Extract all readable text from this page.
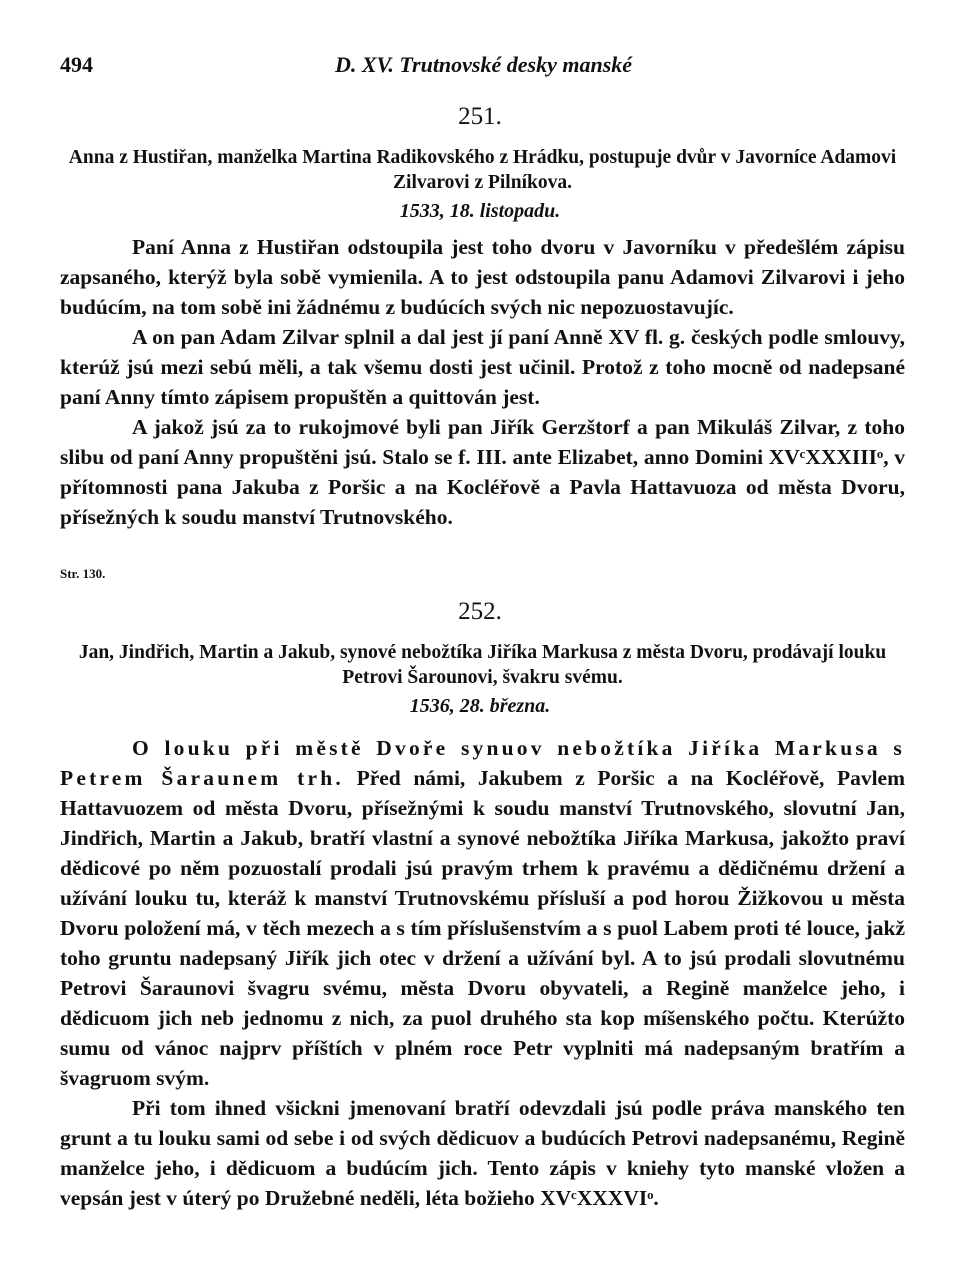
494	D. XV. Trutnovské desky manské
251.
Anna z Hustiřan, manželka Martina Radikovského z Hrádku, postupuje dvůr v Javorníce Adamovi Zilvarovi z Pilníkova.
1533, 18. listopadu.

Paní Anna z Hustiřan odstoupila jest toho dvoru v Javorníku v předešlém zápisu zapsaného, kterýž byla sobě vymienila. A to jest odstoupila panu Adamovi Zilvarovi i jeho budúcím, na tom sobě ini žádnému z budúcích svých nic nepozuostavujíc.

A on pan Adam Zilvar splnil a dal jest jí paní Anně XV fl. g. českých podle smlouvy, kterúž jsú mezi sebú měli, a tak všemu dosti jest učinil. Protož z toho mocně od nadepsané paní Anny tímto zápisem propuštěn a quittován jest.

A jakož jsú za to rukojmové byli pan Jiřík Gerzštorf a pan Mikuláš Zilvar, z toho slibu od paní Anny propuštěni jsú. Stalo se f. III. ante Elizabet, anno Domini XVᶜXXXIIIᵒ, v přítomnosti pana Jakuba z Poršic a na Kocléřově a Pavla Hattavuoza od města Dvoru, přísežných k soudu manství Trutnovského.

Str. 130.
252.
Jan, Jindřich, Martin a Jakub, synové nebožtíka Jiříka Markusa z města Dvoru, prodávají louku Petrovi Šarounovi, švakru svému.
1536, 28. března.

O louku při městě Dvoře synuov nebožtíka Jiříka Markusa s Petrem Šaraunem trh. Před námi, Jakubem z Poršic a na Kocléřově, Pavlem Hattavuozem od města Dvoru, přísežnými k soudu manství Trutnovského, slovutní Jan, Jindřich, Martin a Jakub, bratří vlastní a synové nebožtíka Jiříka Markusa, jakožto praví dědicové po něm pozuostalí prodali jsú pravým trhem k pravému a dědičnému držení a užívání louku tu, kteráž k manství Trutnovskému přísluší a pod horou Žižkovou u města Dvoru položení má, v těch mezech a s tím příslušenstvím a s puol Labem proti té louce, jakž toho gruntu nadepsaný Jiřík jich otec v držení a užívání byl. A to jsú prodali slovutnému Petrovi Šaraunovi švagru svému, města Dvoru obyvateli, a Regině manželce jeho, i dědicuom jich neb jednomu z nich, za puol druhého sta kop míšenského počtu. Kterúžto sumu od vánoc najprv příštích v plném roce Petr vyplniti má nadepsaným bratřím a švagruom svým.

Při tom ihned všickni jmenovaní bratří odevzdali jsú podle práva manského ten grunt a tu louku sami od sebe i od svých dědicuov a budúcích Petrovi nadepsanému, Regině manželce jeho, i dědicuom a budúcím jich. Tento zápis v kniehy tyto manské vložen a vepsán jest v úterý po Družebné neděli, léta božieho XVᶜXXXVIᵒ.
